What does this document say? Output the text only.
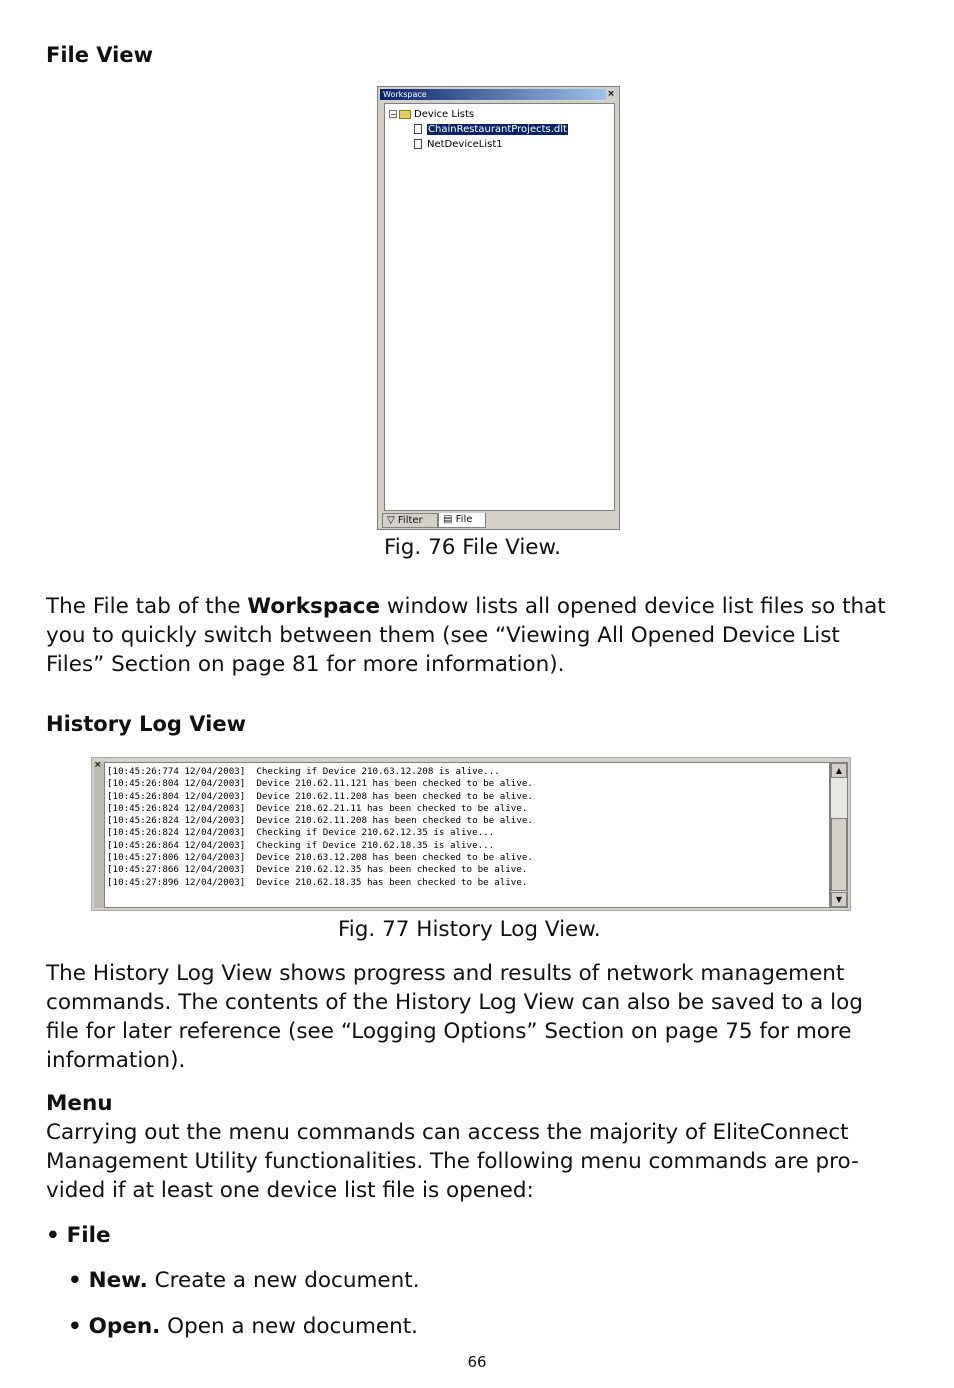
File View
Workspace	×
− Device Lists
ChainRestaurantProjects.dlt
NetDeviceList1
▽ Filter	▤ File
Fig. 76 File View.
The File tab of the Workspace window lists all opened device list files so that
you to quickly switch between them (see “Viewing All Opened Device List
Files” Section on page 81 for more information).
History Log View
×
[10:45:26:774 12/04/2003]  Checking if Device 210.63.12.208 is alive...
[10:45:26:804 12/04/2003]  Device 210.62.11.121 has been checked to be alive.
[10:45:26:804 12/04/2003]  Device 210.62.11.208 has been checked to be alive.
[10:45:26:824 12/04/2003]  Device 210.62.21.11 has been checked to be alive.
[10:45:26:824 12/04/2003]  Device 210.62.11.208 has been checked to be alive.
[10:45:26:824 12/04/2003]  Checking if Device 210.62.12.35 is alive...
[10:45:26:864 12/04/2003]  Checking if Device 210.62.18.35 is alive...
[10:45:27:806 12/04/2003]  Device 210.63.12.208 has been checked to be alive.
[10:45:27:866 12/04/2003]  Device 210.62.12.35 has been checked to be alive.
[10:45:27:896 12/04/2003]  Device 210.62.18.35 has been checked to be alive.
▲
▼
Fig. 77 History Log View.
The History Log View shows progress and results of network management
commands. The contents of the History Log View can also be saved to a log
file for later reference (see “Logging Options” Section on page 75 for more
information).
Menu
Carrying out the menu commands can access the majority of EliteConnect
Management Utility functionalities. The following menu commands are pro-
vided if at least one device list file is opened:
• File
• New. Create a new document.
• Open. Open a new document.
66
